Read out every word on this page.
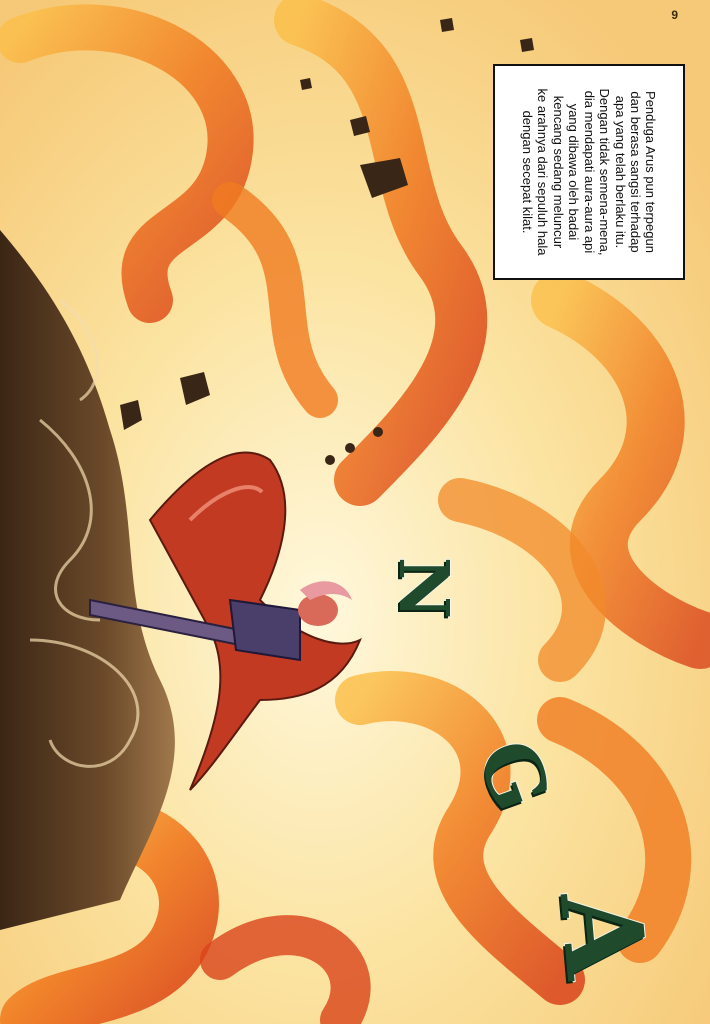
9
Penduga Arus pun terpegun
dan berasa sangsi terhadap
apa yang telah berlaku itu.
Dengan tidak semena-mena,
dia mendapati aura-aura api
yang dibawa oleh badai
kencang sedang meluncur
ke arahnya dari sepuluh hala
dengan secepat kilat.
N
G
A
